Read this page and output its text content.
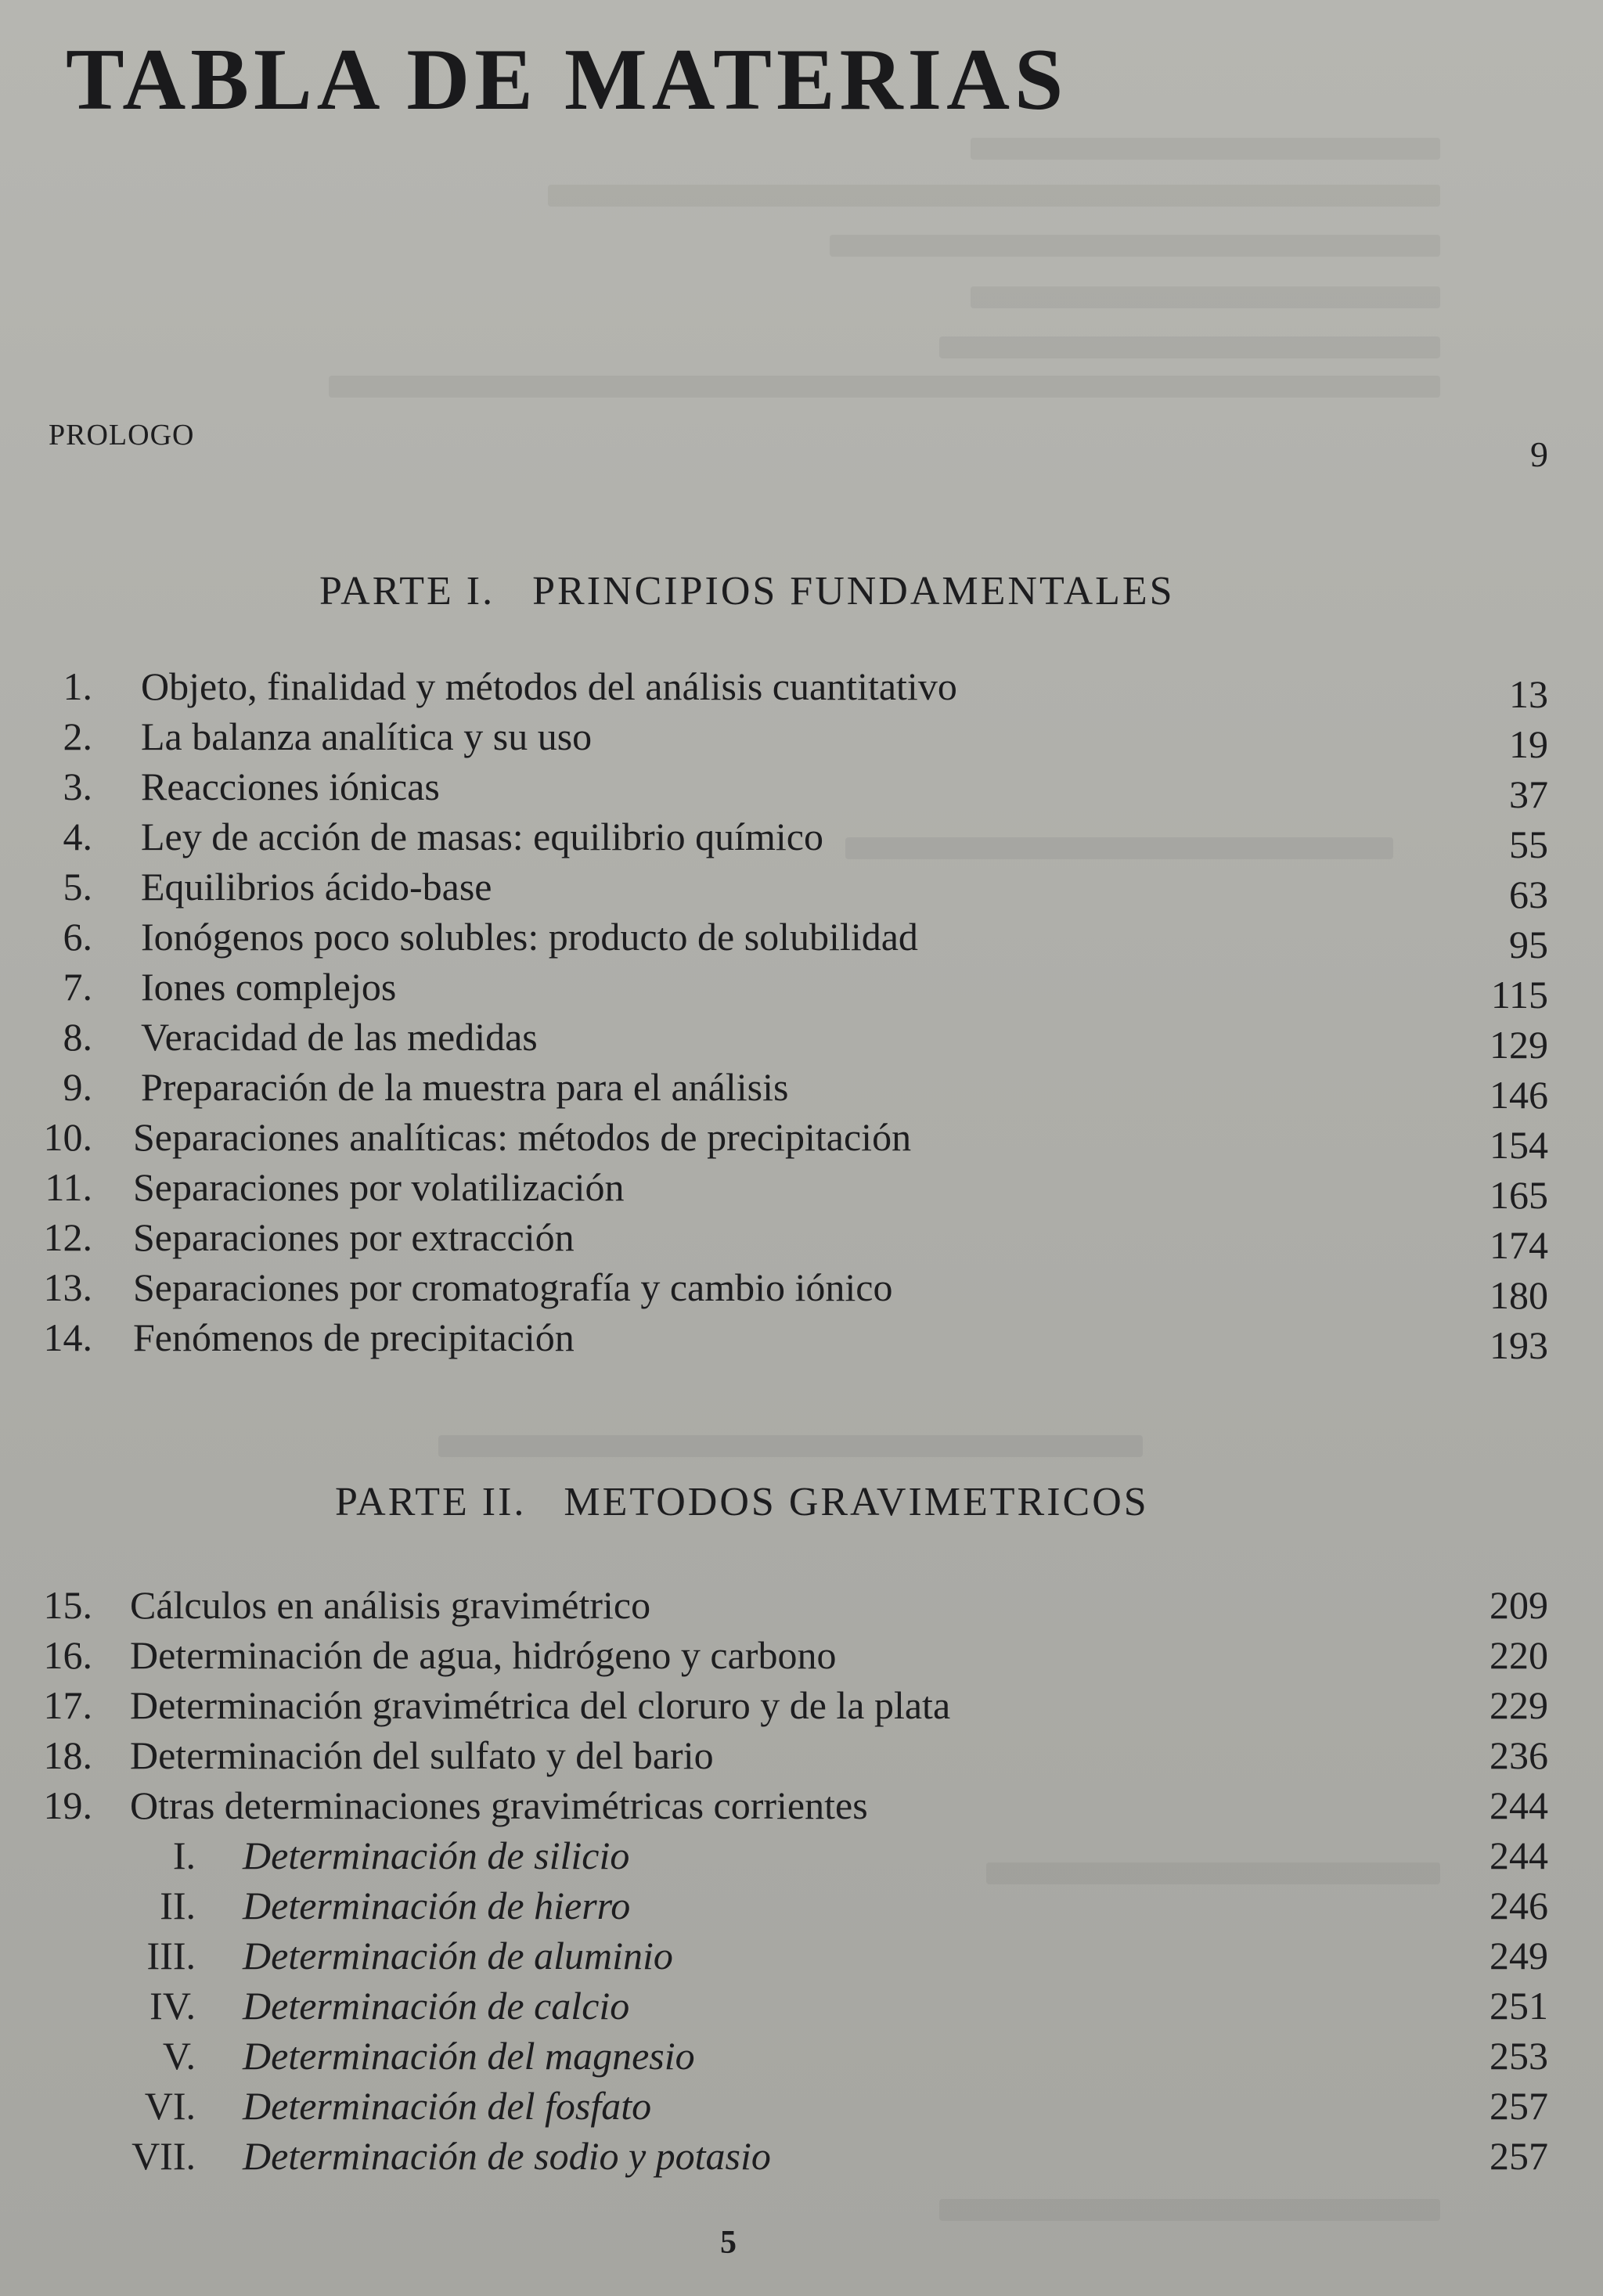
TABLA DE MATERIAS
PROLOGO	9
PARTE I.   PRINCIPIOS FUNDAMENTALES
1. Objeto, finalidad y métodos del análisis cuantitativo	13
2. La balanza analítica y su uso	19
3. Reacciones iónicas	37
4. Ley de acción de masas: equilibrio químico	55
5. Equilibrios ácido-base	63
6. Ionógenos poco solubles: producto de solubilidad	95
7. Iones complejos	115
8. Veracidad de las medidas	129
9. Preparación de la muestra para el análisis	146
10. Separaciones analíticas: métodos de precipitación	154
11. Separaciones por volatilización	165
12. Separaciones por extracción	174
13. Separaciones por cromatografía y cambio iónico	180
14. Fenómenos de precipitación	193
PARTE II.   METODOS GRAVIMETRICOS
15. Cálculos en análisis gravimétrico	209
16. Determinación de agua, hidrógeno y carbono	220
17. Determinación gravimétrica del cloruro y de la plata	229
18. Determinación del sulfato y del bario	236
19. Otras determinaciones gravimétricas corrientes	244
I. Determinación de silicio	244
II. Determinación de hierro	246
III. Determinación de aluminio	249
IV. Determinación de calcio	251
V. Determinación del magnesio	253
VI. Determinación del fosfato	257
VII. Determinación de sodio y potasio	257
5
